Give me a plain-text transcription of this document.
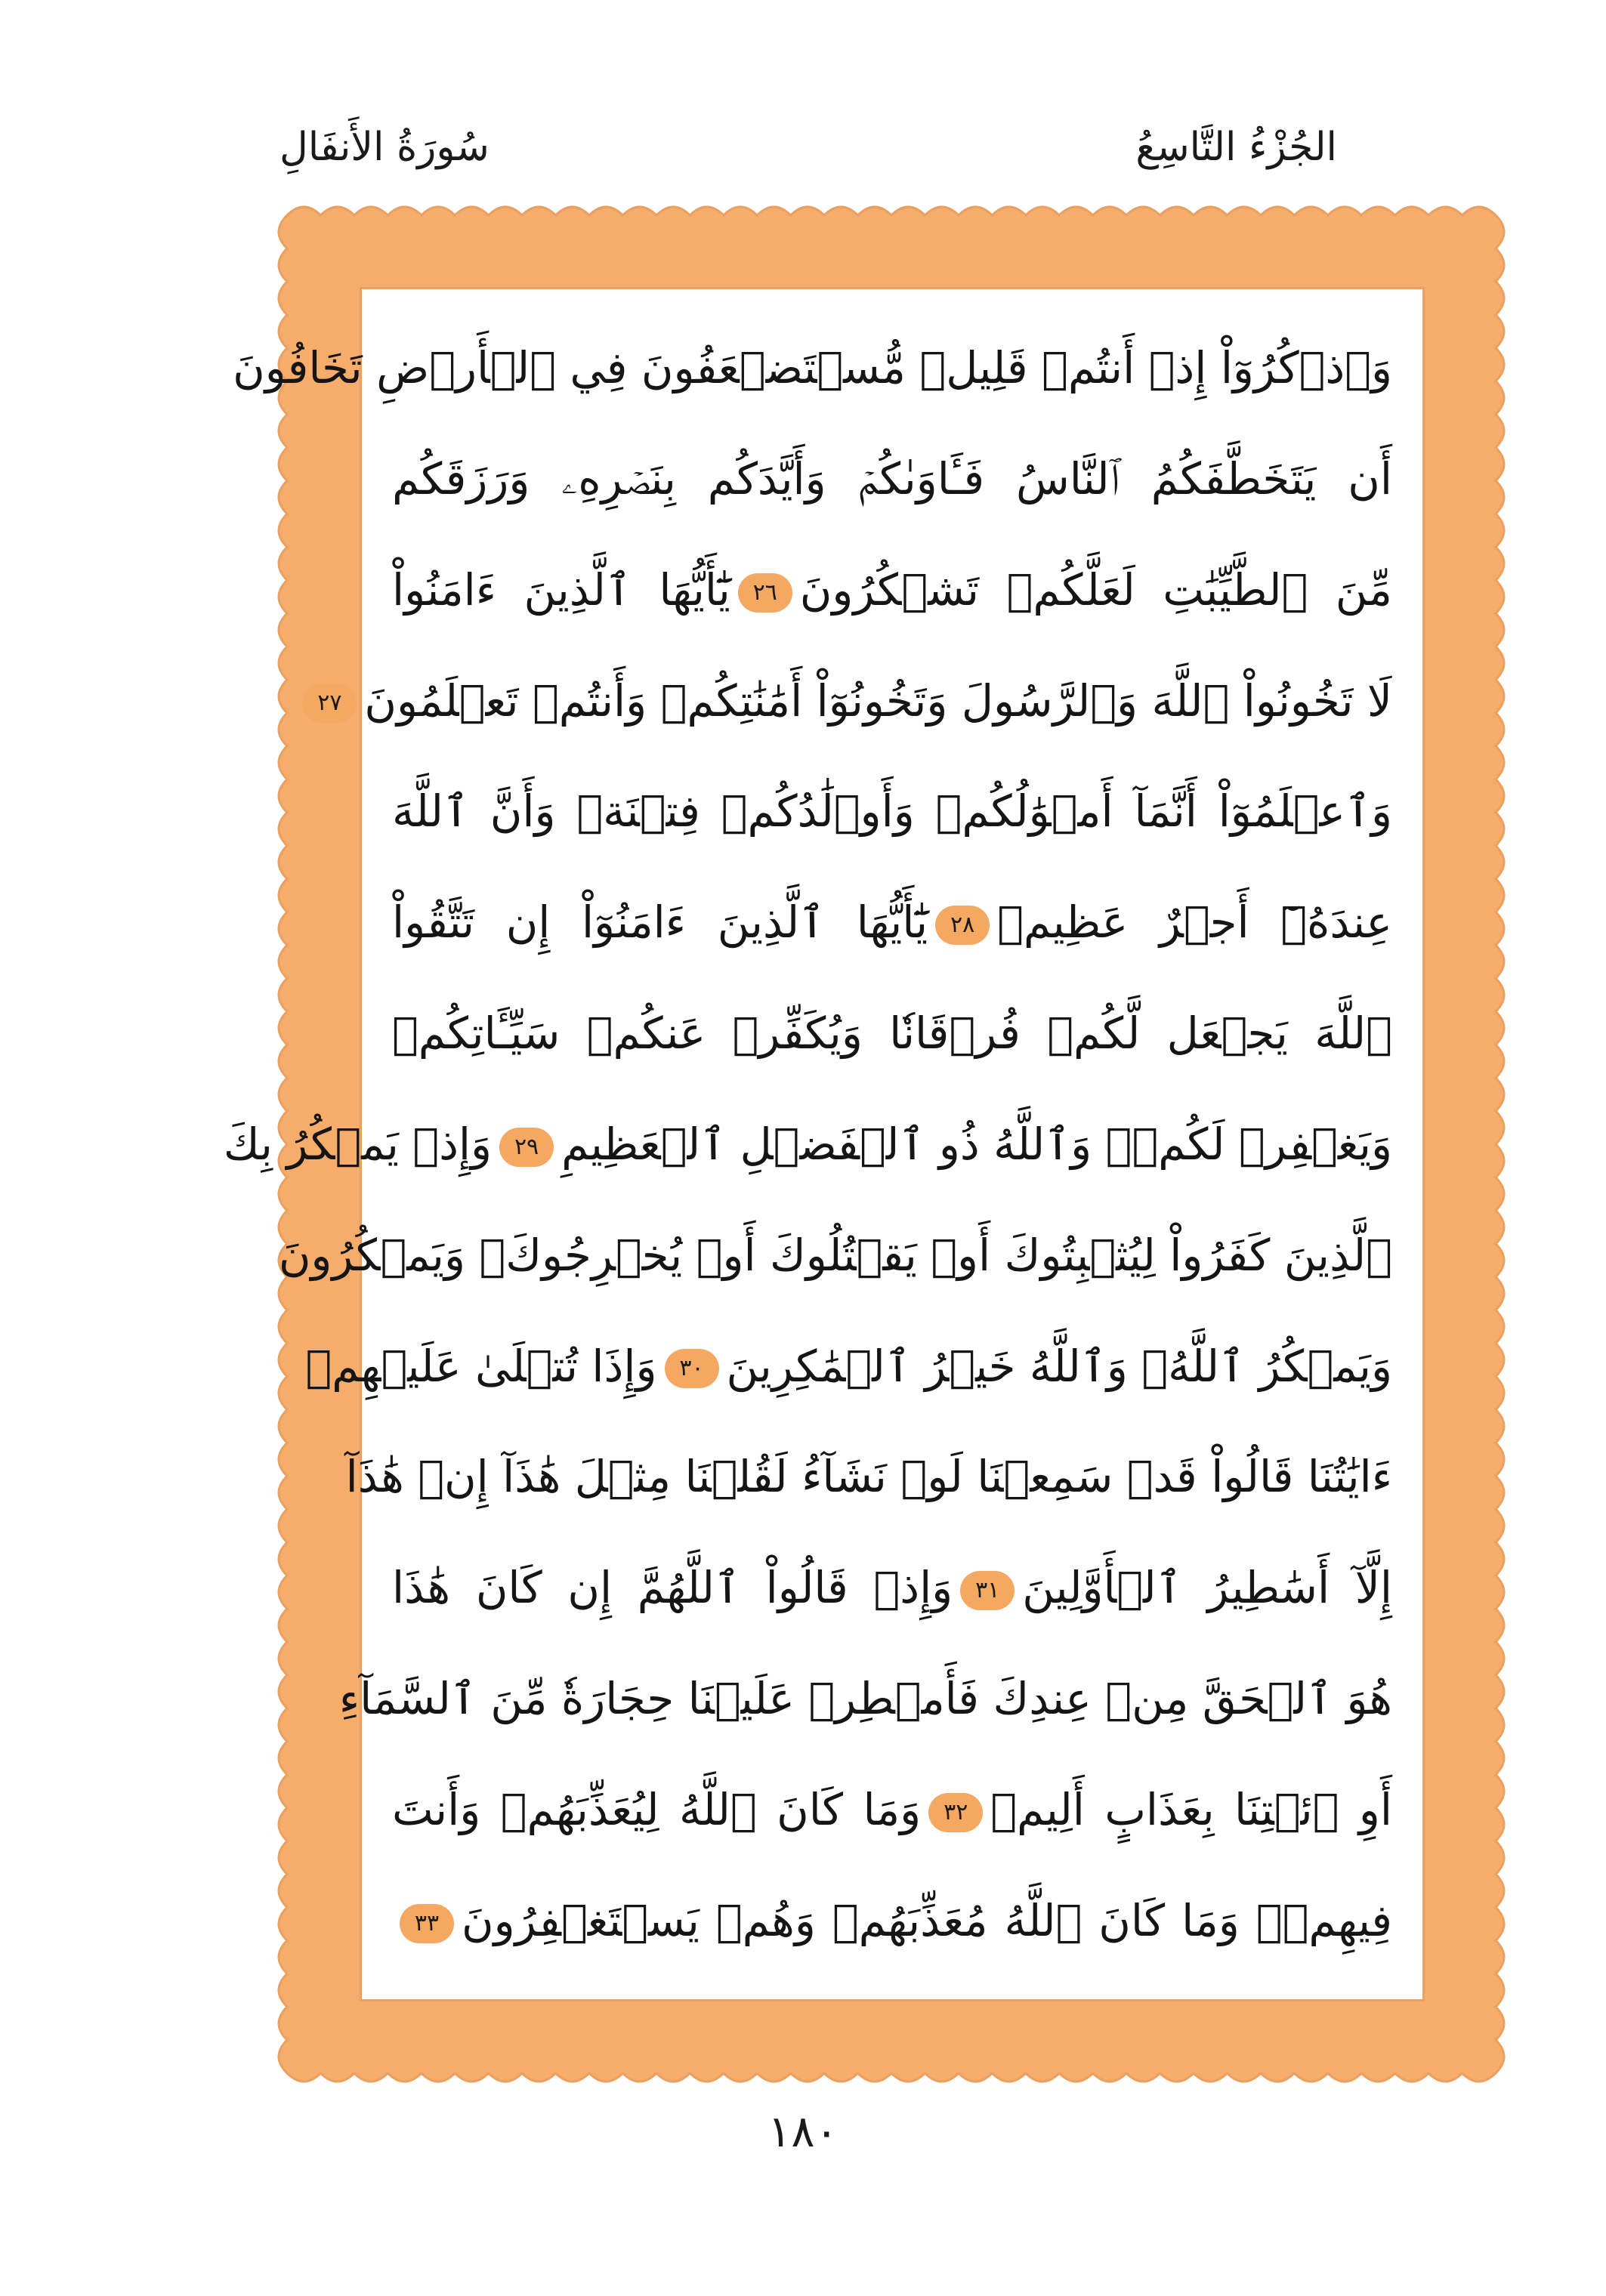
الجُزْءُ التَّاسِعُ
سُورَةُ الأَنفَالِ
وَٱذۡكُرُوٓاْ إِذۡ أَنتُمۡ قَلِيلٞ مُّسۡتَضۡعَفُونَ فِي ٱلۡأَرۡضِ تَخَافُونَ
أَن يَتَخَطَّفَكُمُ ٱلنَّاسُ فَـَٔاوَىٰكُمۡ وَأَيَّدَكُم بِنَصۡرِهِۦ وَرَزَقَكُم
مِّنَ ٱلطَّيِّبَٰتِ لَعَلَّكُمۡ تَشۡكُرُونَ٢٦يَٰٓأَيُّهَا ٱلَّذِينَ ءَامَنُواْ
لَا تَخُونُواْ ٱللَّهَ وَٱلرَّسُولَ وَتَخُونُوٓاْ أَمَٰنَٰتِكُمۡ وَأَنتُمۡ تَعۡلَمُونَ٢٧
وَٱعۡلَمُوٓاْ أَنَّمَآ أَمۡوَٰلُكُمۡ وَأَوۡلَٰدُكُمۡ فِتۡنَةٞ وَأَنَّ ٱللَّهَ
عِندَهُۥٓ أَجۡرٌ عَظِيمٞ٢٨يَٰٓأَيُّهَا ٱلَّذِينَ ءَامَنُوٓاْ إِن تَتَّقُواْ
ٱللَّهَ يَجۡعَل لَّكُمۡ فُرۡقَانٗا وَيُكَفِّرۡ عَنكُمۡ سَيِّـَٔاتِكُمۡ
وَيَغۡفِرۡ لَكُمۡۗ وَٱللَّهُ ذُو ٱلۡفَضۡلِ ٱلۡعَظِيمِ٢٩وَإِذۡ يَمۡكُرُ بِكَ
ٱلَّذِينَ كَفَرُواْ لِيُثۡبِتُوكَ أَوۡ يَقۡتُلُوكَ أَوۡ يُخۡرِجُوكَۚ وَيَمۡكُرُونَ
وَيَمۡكُرُ ٱللَّهُۖ وَٱللَّهُ خَيۡرُ ٱلۡمَٰكِرِينَ٣٠وَإِذَا تُتۡلَىٰ عَلَيۡهِمۡ
ءَايَٰتُنَا قَالُواْ قَدۡ سَمِعۡنَا لَوۡ نَشَآءُ لَقُلۡنَا مِثۡلَ هَٰذَآ إِنۡ هَٰذَآ
إِلَّآ أَسَٰطِيرُ ٱلۡأَوَّلِينَ٣١وَإِذۡ قَالُواْ ٱللَّهُمَّ إِن كَانَ هَٰذَا
هُوَ ٱلۡحَقَّ مِنۡ عِندِكَ فَأَمۡطِرۡ عَلَيۡنَا حِجَارَةٗ مِّنَ ٱلسَّمَآءِ
أَوِ ٱئۡتِنَا بِعَذَابٍ أَلِيمٖ٣٢وَمَا كَانَ ٱللَّهُ لِيُعَذِّبَهُمۡ وَأَنتَ
فِيهِمۡۚ وَمَا كَانَ ٱللَّهُ مُعَذِّبَهُمۡ وَهُمۡ يَسۡتَغۡفِرُونَ٣٣
١٨٠
